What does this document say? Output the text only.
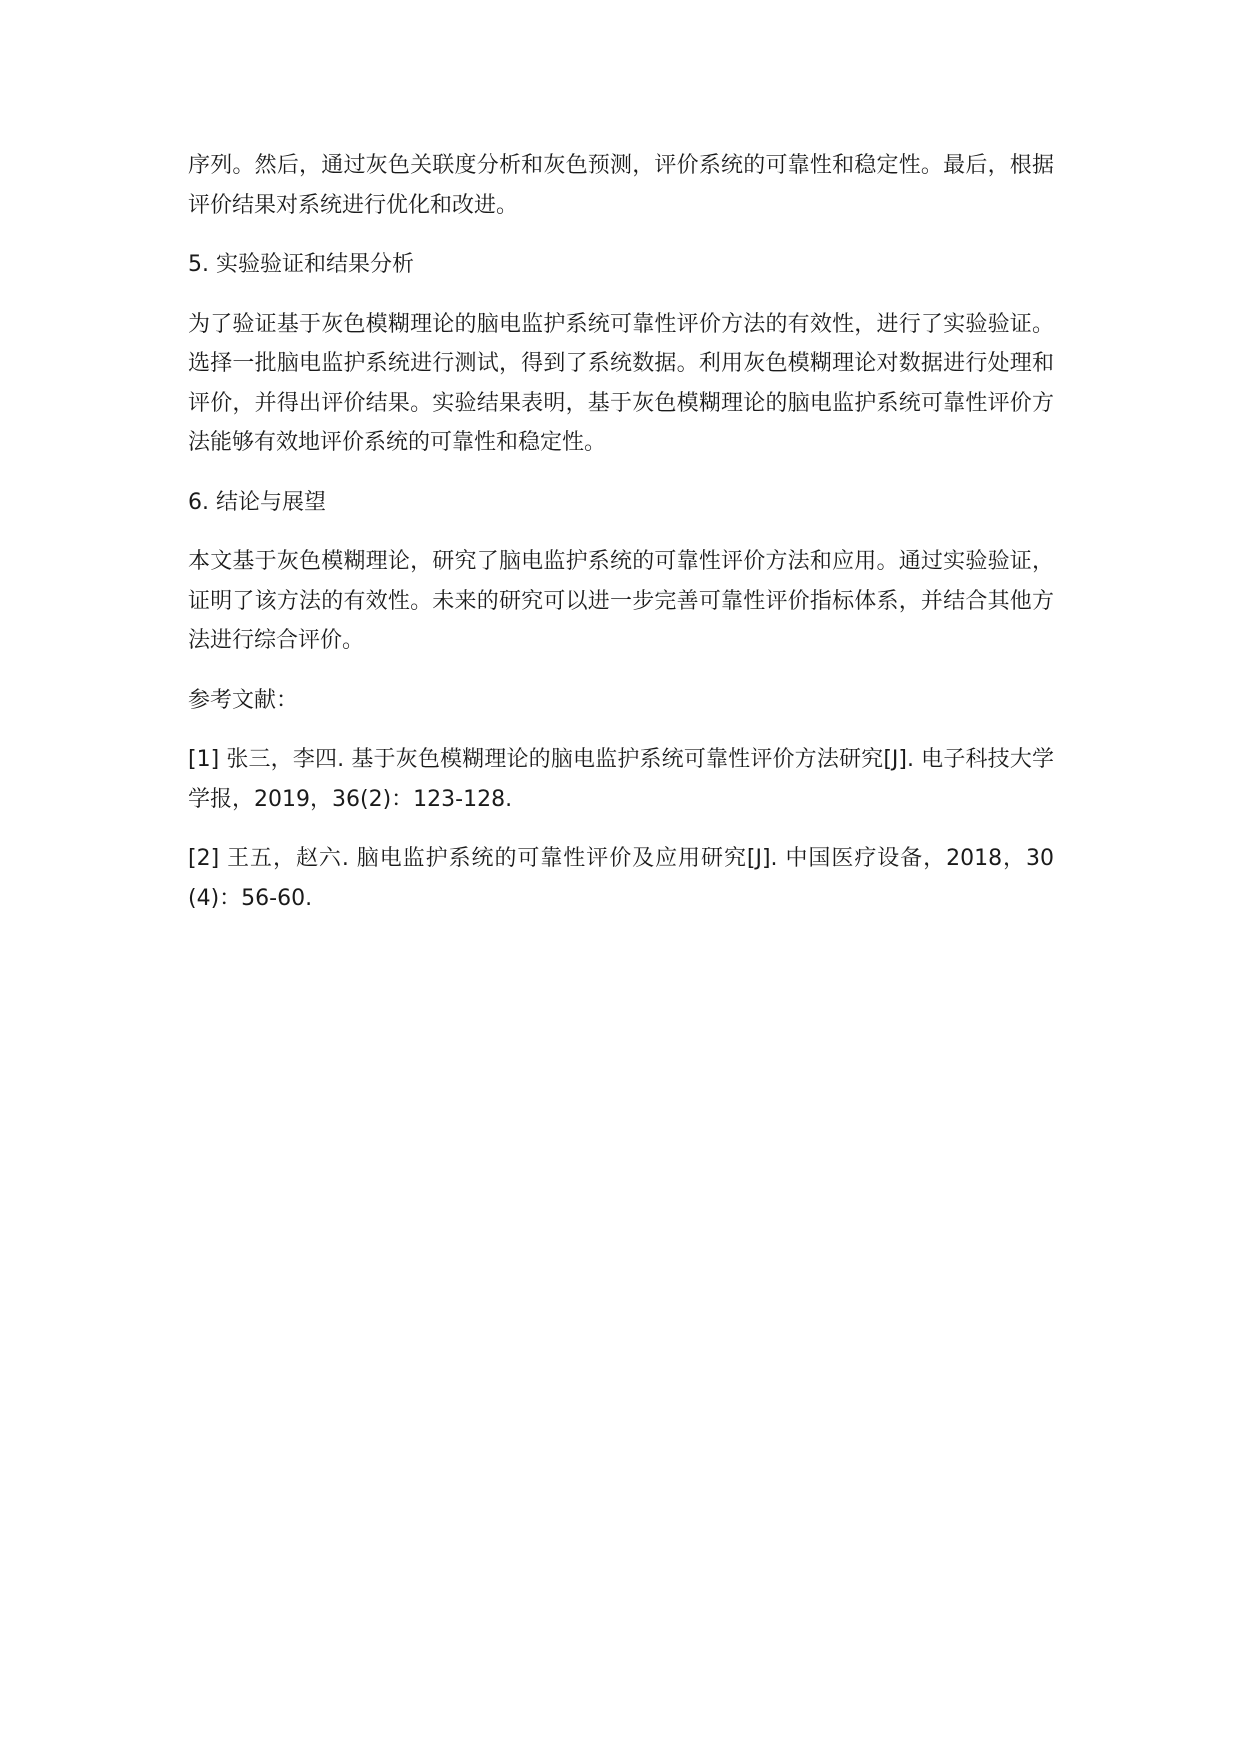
序列。然后，通过灰色关联度分析和灰色预测，评价系统的可靠性和稳定性。最后，根据评价结果对系统进行优化和改进。

5. 实验验证和结果分析

为了验证基于灰色模糊理论的脑电监护系统可靠性评价方法的有效性，进行了实验验证。选择一批脑电监护系统进行测试，得到了系统数据。利用灰色模糊理论对数据进行处理和评价，并得出评价结果。实验结果表明，基于灰色模糊理论的脑电监护系统可靠性评价方法能够有效地评价系统的可靠性和稳定性。

6. 结论与展望

本文基于灰色模糊理论，研究了脑电监护系统的可靠性评价方法和应用。通过实验验证，证明了该方法的有效性。未来的研究可以进一步完善可靠性评价指标体系，并结合其他方法进行综合评价。

参考文献：

[1] 张三，李四. 基于灰色模糊理论的脑电监护系统可靠性评价方法研究[J]. 电子科技大学学报，2019，36(2)：123-128.

[2] 王五，赵六. 脑电监护系统的可靠性评价及应用研究[J]. 中国医疗设备，2018，30(4)：56-60.
